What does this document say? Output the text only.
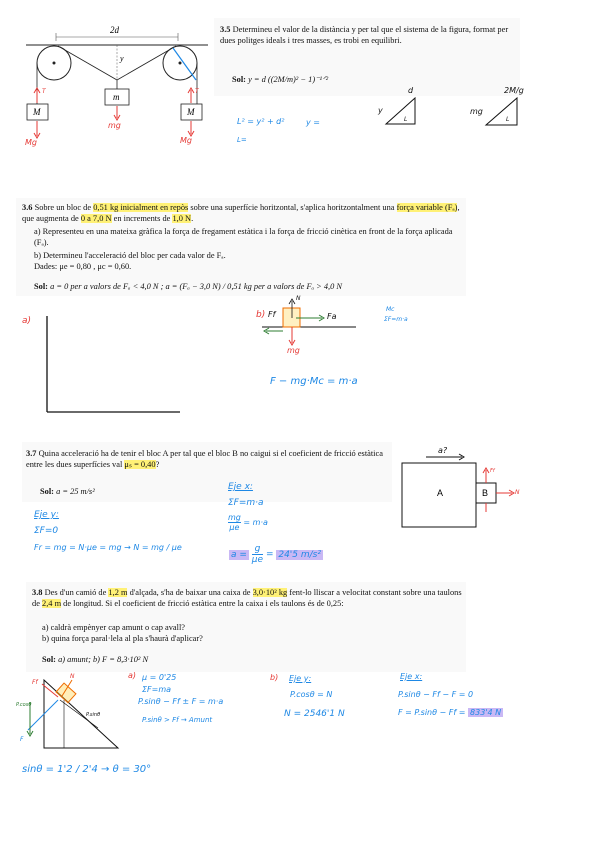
3.5 Determineu el valor de la distància y per tal que el sistema de la figura, format per dues politges ideals i tres masses, es trobi en equilibri.
Sol: y = d ((2M/m)² − 1)⁻¹ᐟ²
2d
y
M
m
M
T	T
Mg
mg
Mg
L² = y² + d²	y =
L=
d
y
L
2M/g
mg
L
3.6 Sobre un bloc de 0,51 kg inicialment en repòs sobre una superfície horitzontal, s'aplica horitzontalment una força variable (Fₐ), que augmenta de 0 a 7,0 N en increments de 1,0 N.
a) Representeu en una mateixa gràfica la força de fregament estàtica i la força de fricció cinètica en front de la força aplicada (Fₐ).
b) Determineu l'acceleració del bloc per cada valor de Fₐ.
Dades: μe = 0,80 , μc = 0,60.
Sol: a = 0 per a valors de Fₐ < 4,0 N ; a = (Fₐ − 3,0 N) / 0,51 kg per a valors de Fₐ > 4,0 N
a)
b) Ff	Fa
N
mg
Mc
ΣF=m·a
F − mg·Mc = m·a
3.7 Quina acceleració ha de tenir el bloc A per tal que el bloc B no caigui si el coeficient de fricció estàtica entre les dues superfícies val μₛ = 0,40?
Sol: a = 25 m/s²
a?
A	B
Ff
N
Eje x:
ΣF=m·a
$\frac{mg}{\mu e} = m\cdot a$
Eje y:
ΣF=0
Fr = mg = N·μe = mg → N = mg / μe
$a = \frac{g}{\mu e} = 24'5$ m/s²
3.8 Des d'un camió de 1,2 m d'alçada, s'ha de baixar una caixa de 3,0·10² kg fent-lo lliscar a velocitat constant sobre una taulons de 2,4 m de longitud. Si el coeficient de fricció estàtica entre la caixa i els taulons és de 0,25:
a) caldrà empènyer cap amunt o cap avall?
b) quina força paral·lela al pla s'haurà d'aplicar?
Sol: a) amunt; b) F = 8,3·10² N
Ff
N
P.sinθ
P.cosθ
F
a) μ = 0'25
ΣF=ma
P.sinθ − Ff ± F = m·a
P.sinθ > Ff → Amunt
b) Eje y:
P.cosθ = N
N = 2546'1 N
Eje x:
P.sinθ − Ff − F = 0
F = P.sinθ − Ff = 833'4 N
sinθ = 1'2 / 2'4 → θ = 30°
